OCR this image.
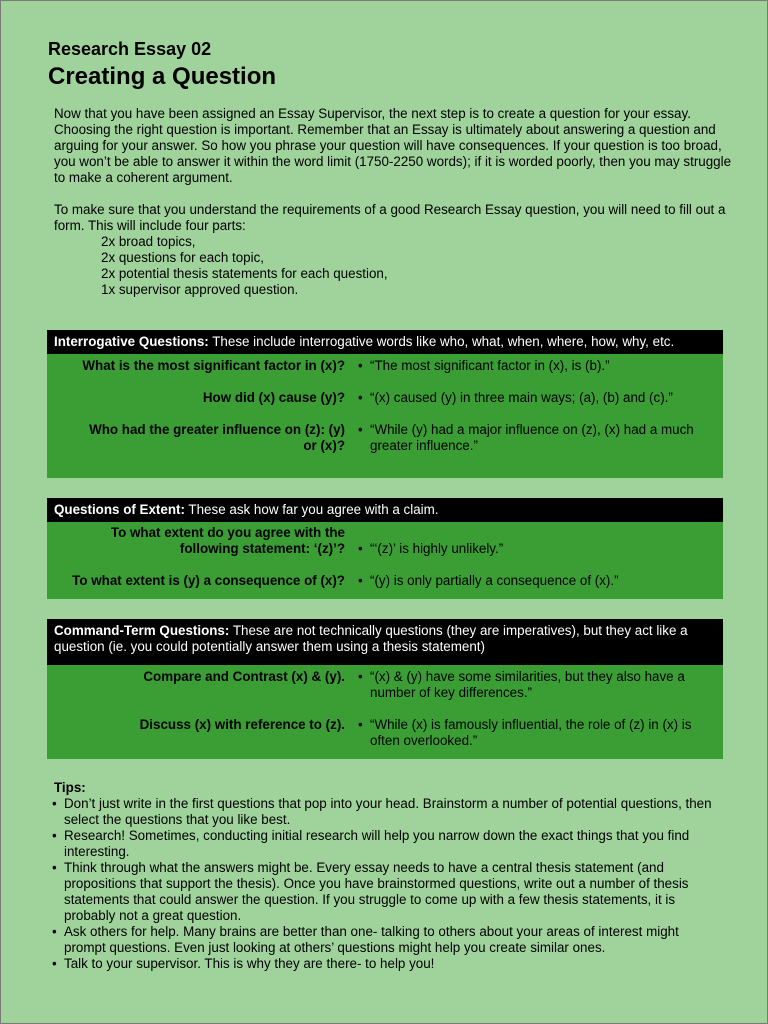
Research Essay 02
Creating a Question

Now that you have been assigned an Essay Supervisor, the next step is to create a question for your essay.

Choosing the right question is important. Remember that an Essay is ultimately about answering a question and arguing for your answer. So how you phrase your question will have consequences. If your question is too broad, you won’t be able to answer it within the word limit (1750-2250 words); if it is worded poorly, then you may struggle to make a coherent argument.

To make sure that you understand the requirements of a good Research Essay question, you will need to fill out a form. This will include four parts:

2x broad topics,

2x questions for each topic,

2x potential thesis statements for each question,

1x supervisor approved question.

Interrogative Questions: These include interrogative words like who, what, when, where, how, why, etc.
What is the most significant factor in (x)? • “The most significant factor in (x), is (b).”
How did (x) cause (y)? • “(x) caused (y) in three main ways; (a), (b) and (c).”
Who had the greater influence on (z): (y) or (x)?
• “While (y) had a major influence on (z), (x) had a much greater influence.”
Questions of Extent: These ask how far you agree with a claim.
To what extent do you agree with the following statement: ‘(z)’? • “‘(z)’ is highly unlikely.”
To what extent is (y) a consequence of (x)? • “(y) is only partially a consequence of (x).”
Command-Term Questions: These are not technically questions (they are imperatives), but they act like a question (ie. you could potentially answer them using a thesis statement)
Compare and Contrast (x) & (y). • “(x) & (y) have some similarities, but they also have a number of key differences.”
Discuss (x) with reference to (z). • “While (x) is famously influential, the role of (z) in (x) is often overlooked.”
Tips:
• Don’t just write in the first questions that pop into your head. Brainstorm a number of potential questions, then select the questions that you like best.
• Research! Sometimes, conducting initial research will help you narrow down the exact things that you find interesting.
• Think through what the answers might be. Every essay needs to have a central thesis statement (and propositions that support the thesis). Once you have brainstormed questions, write out a number of thesis statements that could answer the question. If you struggle to come up with a few thesis statements, it is probably not a great question.
• Ask others for help. Many brains are better than one- talking to others about your areas of interest might prompt questions. Even just looking at others’ questions might help you create similar ones.
• Talk to your supervisor. This is why they are there- to help you!
